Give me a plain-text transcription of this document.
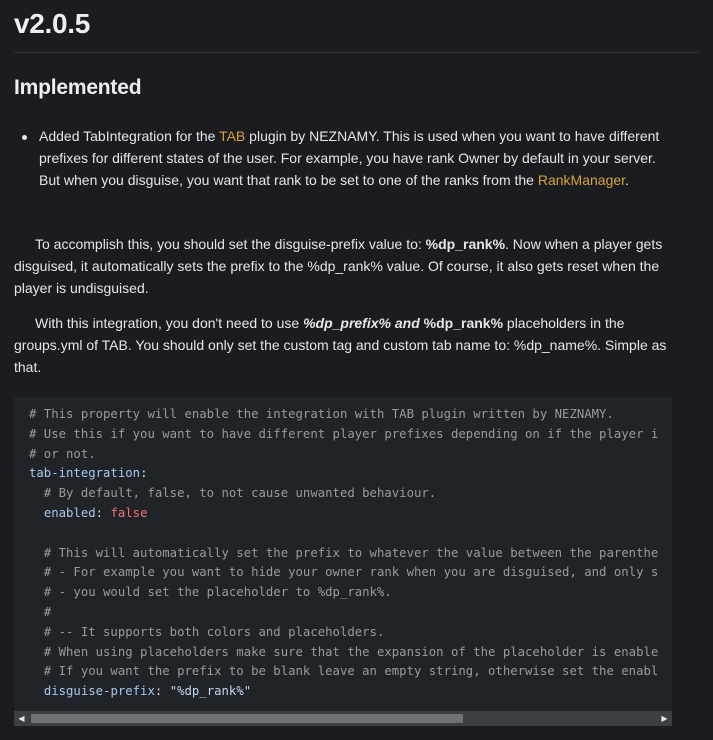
v2.0.5
Implemented
Added TabIntegration for the TAB plugin by NEZNAMY. This is used when you want to have different prefixes for different states of the user. For example, you have rank Owner by default in your server. But when you disguise, you want that rank to be set to one of the ranks from the RankManager.
To accomplish this, you should set the disguise-prefix value to: %dp_rank%. Now when a player gets disguised, it automatically sets the prefix to the %dp_rank% value. Of course, it also gets reset when the player is undisguised.
With this integration, you don't need to use %dp_prefix% and %dp_rank% placeholders in the groups.yml of TAB. You should only set the custom tag and custom tab name to: %dp_name%. Simple as that.
# This property will enable the integration with TAB plugin written by NEZNAMY.
# Use this if you want to have different player prefixes depending on if the player i
# or not.
tab-integration:
# By default, false, to not cause unwanted behaviour.
enabled: false

# This will automatically set the prefix to whatever the value between the parenthe
# - For example you want to hide your owner rank when you are disguised, and only s
# - you would set the placeholder to %dp_rank%.
#
# -- It supports both colors and placeholders.
# When using placeholders make sure that the expansion of the placeholder is enable
# If you want the prefix to be blank leave an empty string, otherwise set the enabl
disguise-prefix: "%dp_rank%"
◀	▶
